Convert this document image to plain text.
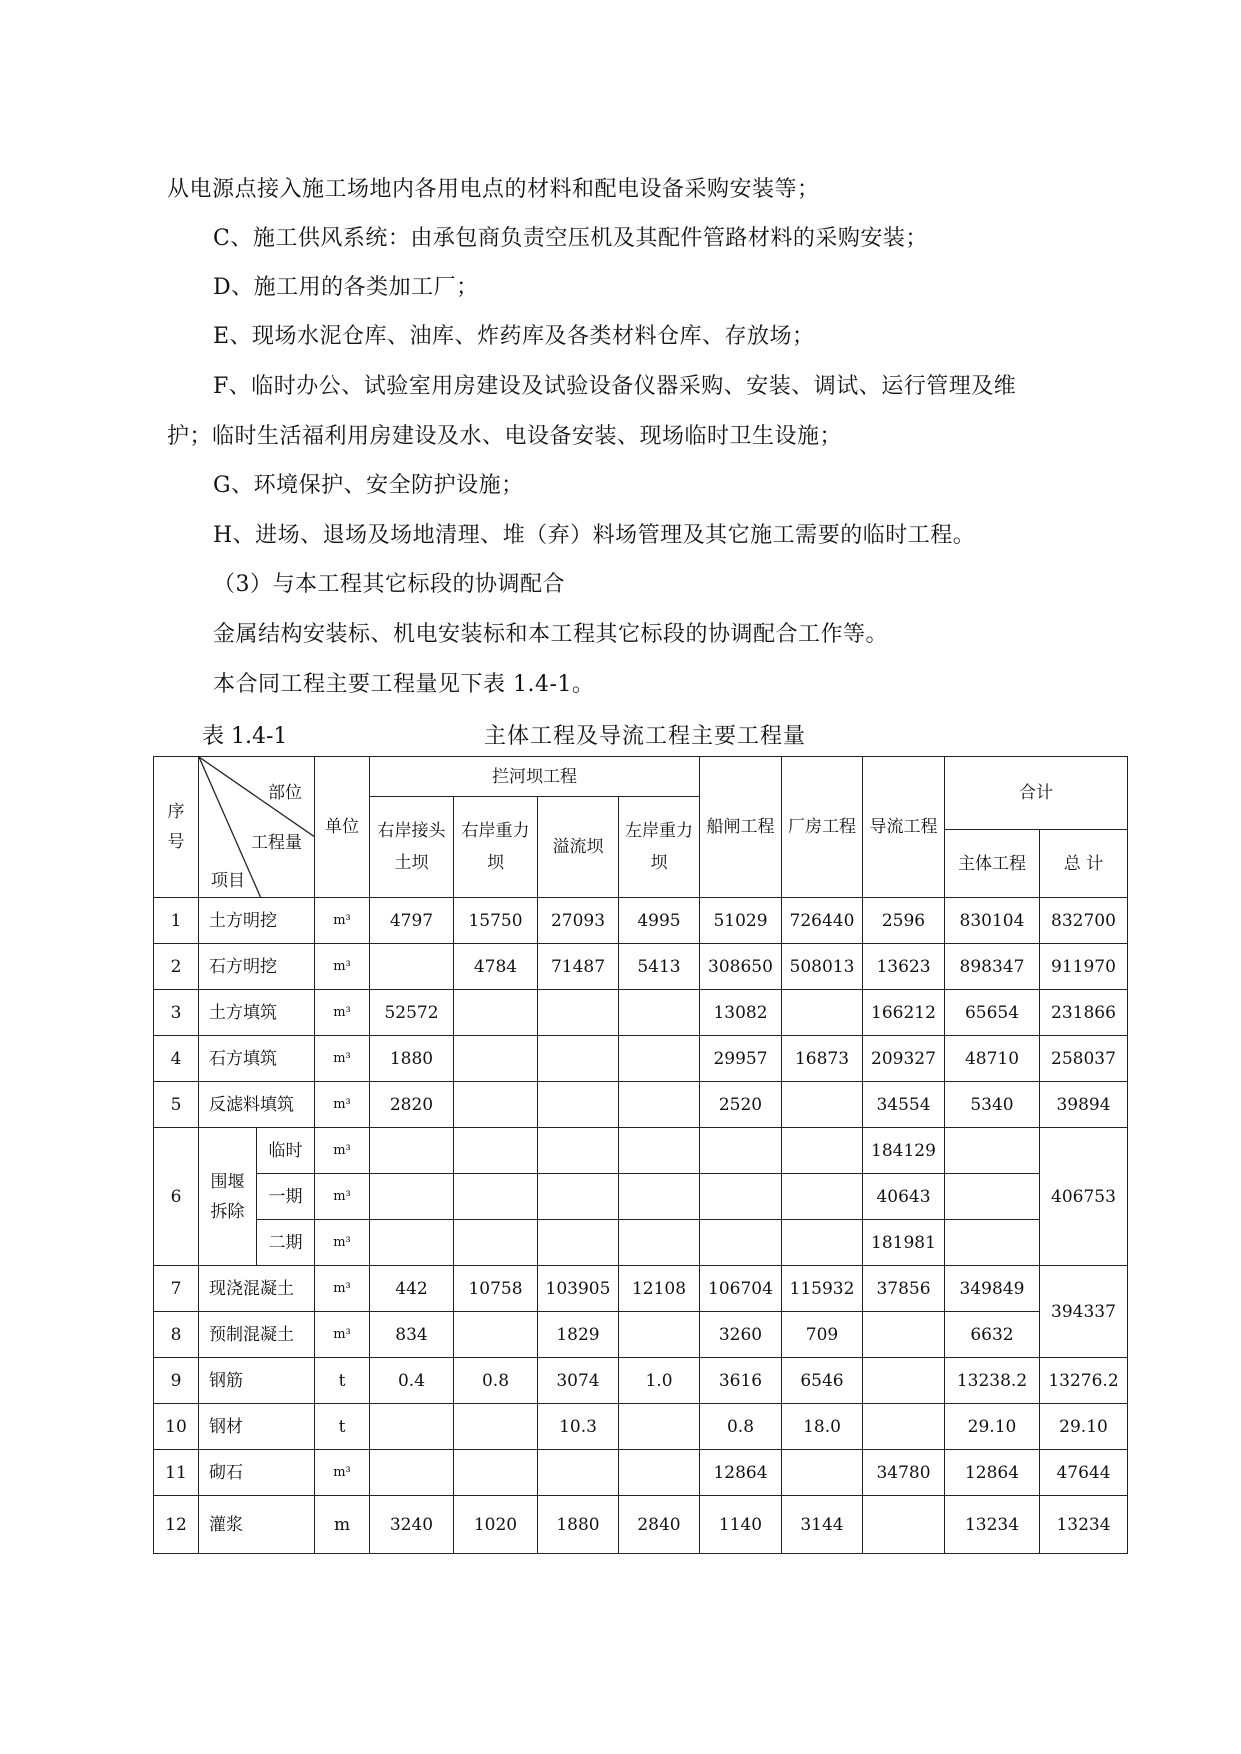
从电源点接入施工场地内各用电点的材料和配电设备采购安装等；

C、施工供风系统：由承包商负责空压机及其配件管路材料的采购安装；

D、施工用的各类加工厂；

E、现场水泥仓库、油库、炸药库及各类材料仓库、存放场；

F、临时办公、试验室用房建设及试验设备仪器采购、安装、调试、运行管理及维

护；临时生活福利用房建设及水、电设备安装、现场临时卫生设施；

G、环境保护、安全防护设施；

H、进场、退场及场地清理、堆（弃）料场管理及其它施工需要的临时工程。

（3）与本工程其它标段的协调配合

金属结构安装标、机电安装标和本工程其它标段的协调配合工作等。

本合同工程主要工程量见下表 1.4-1。

表 1.4-1	主体工程及导流工程主要工程量
序号	部位
工程量
项目		单位	拦河坝工程				船闸工程	厂房工程	导流工程	合计	
				右岸接头土坝	右岸重力坝	溢流坝	左岸重力坝					
											主体工程	总 计
1	土方明挖		m³	4797	15750	27093	4995	51029	726440	2596	830104	832700
2	石方明挖		m³		4784	71487	5413	308650	508013	13623	898347	911970
3	土方填筑		m³	52572				13082		166212	65654	231866
4	石方填筑		m³	1880				29957	16873	209327	48710	258037
5	反滤料填筑		m³	2820				2520		34554	5340	39894
6	围堰拆除	临时	m³							184129		406753
		一期	m³							40643		
		二期	m³							181981		
7	现浇混凝土		m³	442	10758	103905	12108	106704	115932	37856	349849	394337
8	预制混凝土		m³	834		1829		3260	709		6632	
9	钢筋		t	0.4	0.8	3074	1.0	3616	6546		13238.2	13276.2
10	钢材		t			10.3		0.8	18.0		29.10	29.10
11	砌石		m³					12864		34780	12864	47644
12	灌浆		m	3240	1020	1880	2840	1140	3144		13234	13234
